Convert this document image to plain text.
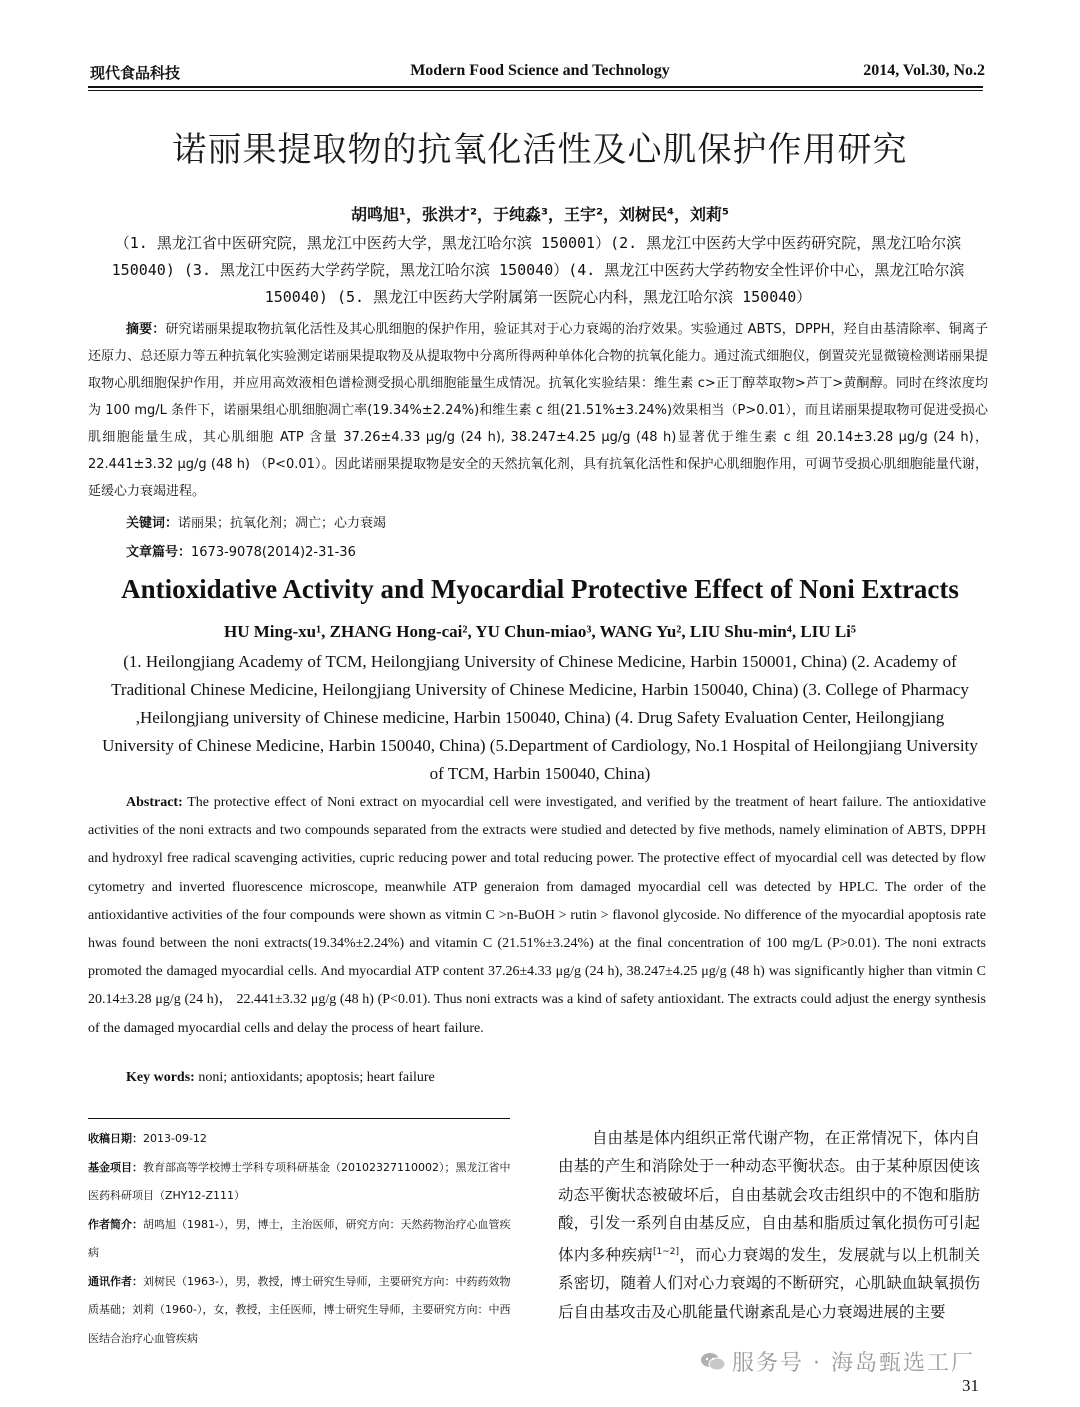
现代食品科技	Modern Food Science and Technology	2014, Vol.30, No.2
诺丽果提取物的抗氧化活性及心肌保护作用研究
胡鸣旭¹，张洪才²，于纯淼³，王宇²，刘树民⁴，刘莉⁵
（1. 黑龙江省中医研究院，黑龙江中医药大学，黑龙江哈尔滨 150001）(2. 黑龙江中医药大学中医药研究院，黑龙江哈尔滨 150040) (3. 黑龙江中医药大学药学院，黑龙江哈尔滨 150040）(4. 黑龙江中医药大学药物安全性评价中心，黑龙江哈尔滨 150040) (5. 黑龙江中医药大学附属第一医院心内科，黑龙江哈尔滨 150040）
摘要：研究诺丽果提取物抗氧化活性及其心肌细胞的保护作用，验证其对于心力衰竭的治疗效果。实验通过 ABTS，DPPH，羟自由基清除率、铜离子还原力、总还原力等五种抗氧化实验测定诺丽果提取物及从提取物中分离所得两种单体化合物的抗氧化能力。通过流式细胞仪，倒置荧光显微镜检测诺丽果提取物心肌细胞保护作用，并应用高效液相色谱检测受损心肌细胞能量生成情况。抗氧化实验结果：维生素 c>正丁醇萃取物>芦丁>黄酮醇。同时在终浓度均为 100 mg/L 条件下，诺丽果组心肌细胞凋亡率(19.34%±2.24%)和维生素 c 组(21.51%±3.24%)效果相当（P>0.01），而且诺丽果提取物可促进受损心肌细胞能量生成，其心肌细胞 ATP 含量 37.26±4.33 μg/g (24 h), 38.247±4.25 μg/g (48 h)显著优于维生素 c 组 20.14±3.28 μg/g (24 h)， 22.441±3.32 μg/g (48 h) （P<0.01）。因此诺丽果提取物是安全的天然抗氧化剂，具有抗氧化活性和保护心肌细胞作用，可调节受损心肌细胞能量代谢，延缓心力衰竭进程。
关键词：诺丽果；抗氧化剂；凋亡；心力衰竭
文章篇号：1673-9078(2014)2-31-36
Antioxidative Activity and Myocardial Protective Effect of Noni Extracts
HU Ming-xu¹, ZHANG Hong-cai², YU Chun-miao³, WANG Yu², LIU Shu-min⁴, LIU Li⁵
(1. Heilongjiang Academy of TCM, Heilongjiang University of Chinese Medicine, Harbin 150001, China) (2. Academy of Traditional Chinese Medicine, Heilongjiang University of Chinese Medicine, Harbin 150040, China) (3. College of Pharmacy ,Heilongjiang university of Chinese medicine, Harbin 150040, China) (4. Drug Safety Evaluation Center, Heilongjiang University of Chinese Medicine, Harbin 150040, China) (5.Department of Cardiology, No.1 Hospital of Heilongjiang University of TCM, Harbin 150040, China)
Abstract: The protective effect of Noni extract on myocardial cell were investigated, and verified by the treatment of heart failure. The antioxidative activities of the noni extracts and two compounds separated from the extracts were studied and detected by five methods, namely elimination of ABTS, DPPH and hydroxyl free radical scavenging activities, cupric reducing power and total reducing power. The protective effect of myocardial cell was detected by flow cytometry and inverted fluorescence microscope, meanwhile ATP generaion from damaged myocardial cell was detected by HPLC. The order of the antioxidantive activities of the four compounds were shown as vitmin C >n-BuOH > rutin > flavonol glycoside. No difference of the myocardial apoptosis rate hwas found between the noni extracts(19.34%±2.24%) and vitamin C (21.51%±3.24%) at the final concentration of 100 mg/L (P>0.01). The noni extracts promoted the damaged myocardial cells. And myocardial ATP content 37.26±4.33 μg/g (24 h), 38.247±4.25 μg/g (48 h) was significantly higher than vitmin C 20.14±3.28 μg/g (24 h)， 22.441±3.32 μg/g (48 h) (P<0.01). Thus noni extracts was a kind of safety antioxidant. The extracts could adjust the energy synthesis of the damaged myocardial cells and delay the process of heart failure.
Key words: noni; antioxidants; apoptosis; heart failure

收稿日期：2013-09-12

基金项目：教育部高等学校博士学科专项科研基金（20102327110002）；黑龙江省中医药科研项目（ZHY12-Z111）

作者简介：胡鸣旭（1981-），男，博士，主治医师，研究方向：天然药物治疗心血管疾病

通讯作者：刘树民（1963-），男，教授，博士研究生导师，主要研究方向：中药药效物质基础；刘莉（1960-），女，教授，主任医师，博士研究生导师，主要研究方向：中西医结合治疗心血管疾病

自由基是体内组织正常代谢产物，在正常情况下，体内自由基的产生和消除处于一种动态平衡状态。由于某种原因使该动态平衡状态被破坏后，自由基就会攻击组织中的不饱和脂肪酸，引发一系列自由基反应，自由基和脂质过氧化损伤可引起体内多种疾病[1~2]，而心力衰竭的发生，发展就与以上机制关系密切，随着人们对心力衰竭的不断研究，心肌缺血缺氧损伤后自由基攻击及心肌能量代谢紊乱是心力衰竭进展的主要
服务号 · 海岛甄选工厂
31
